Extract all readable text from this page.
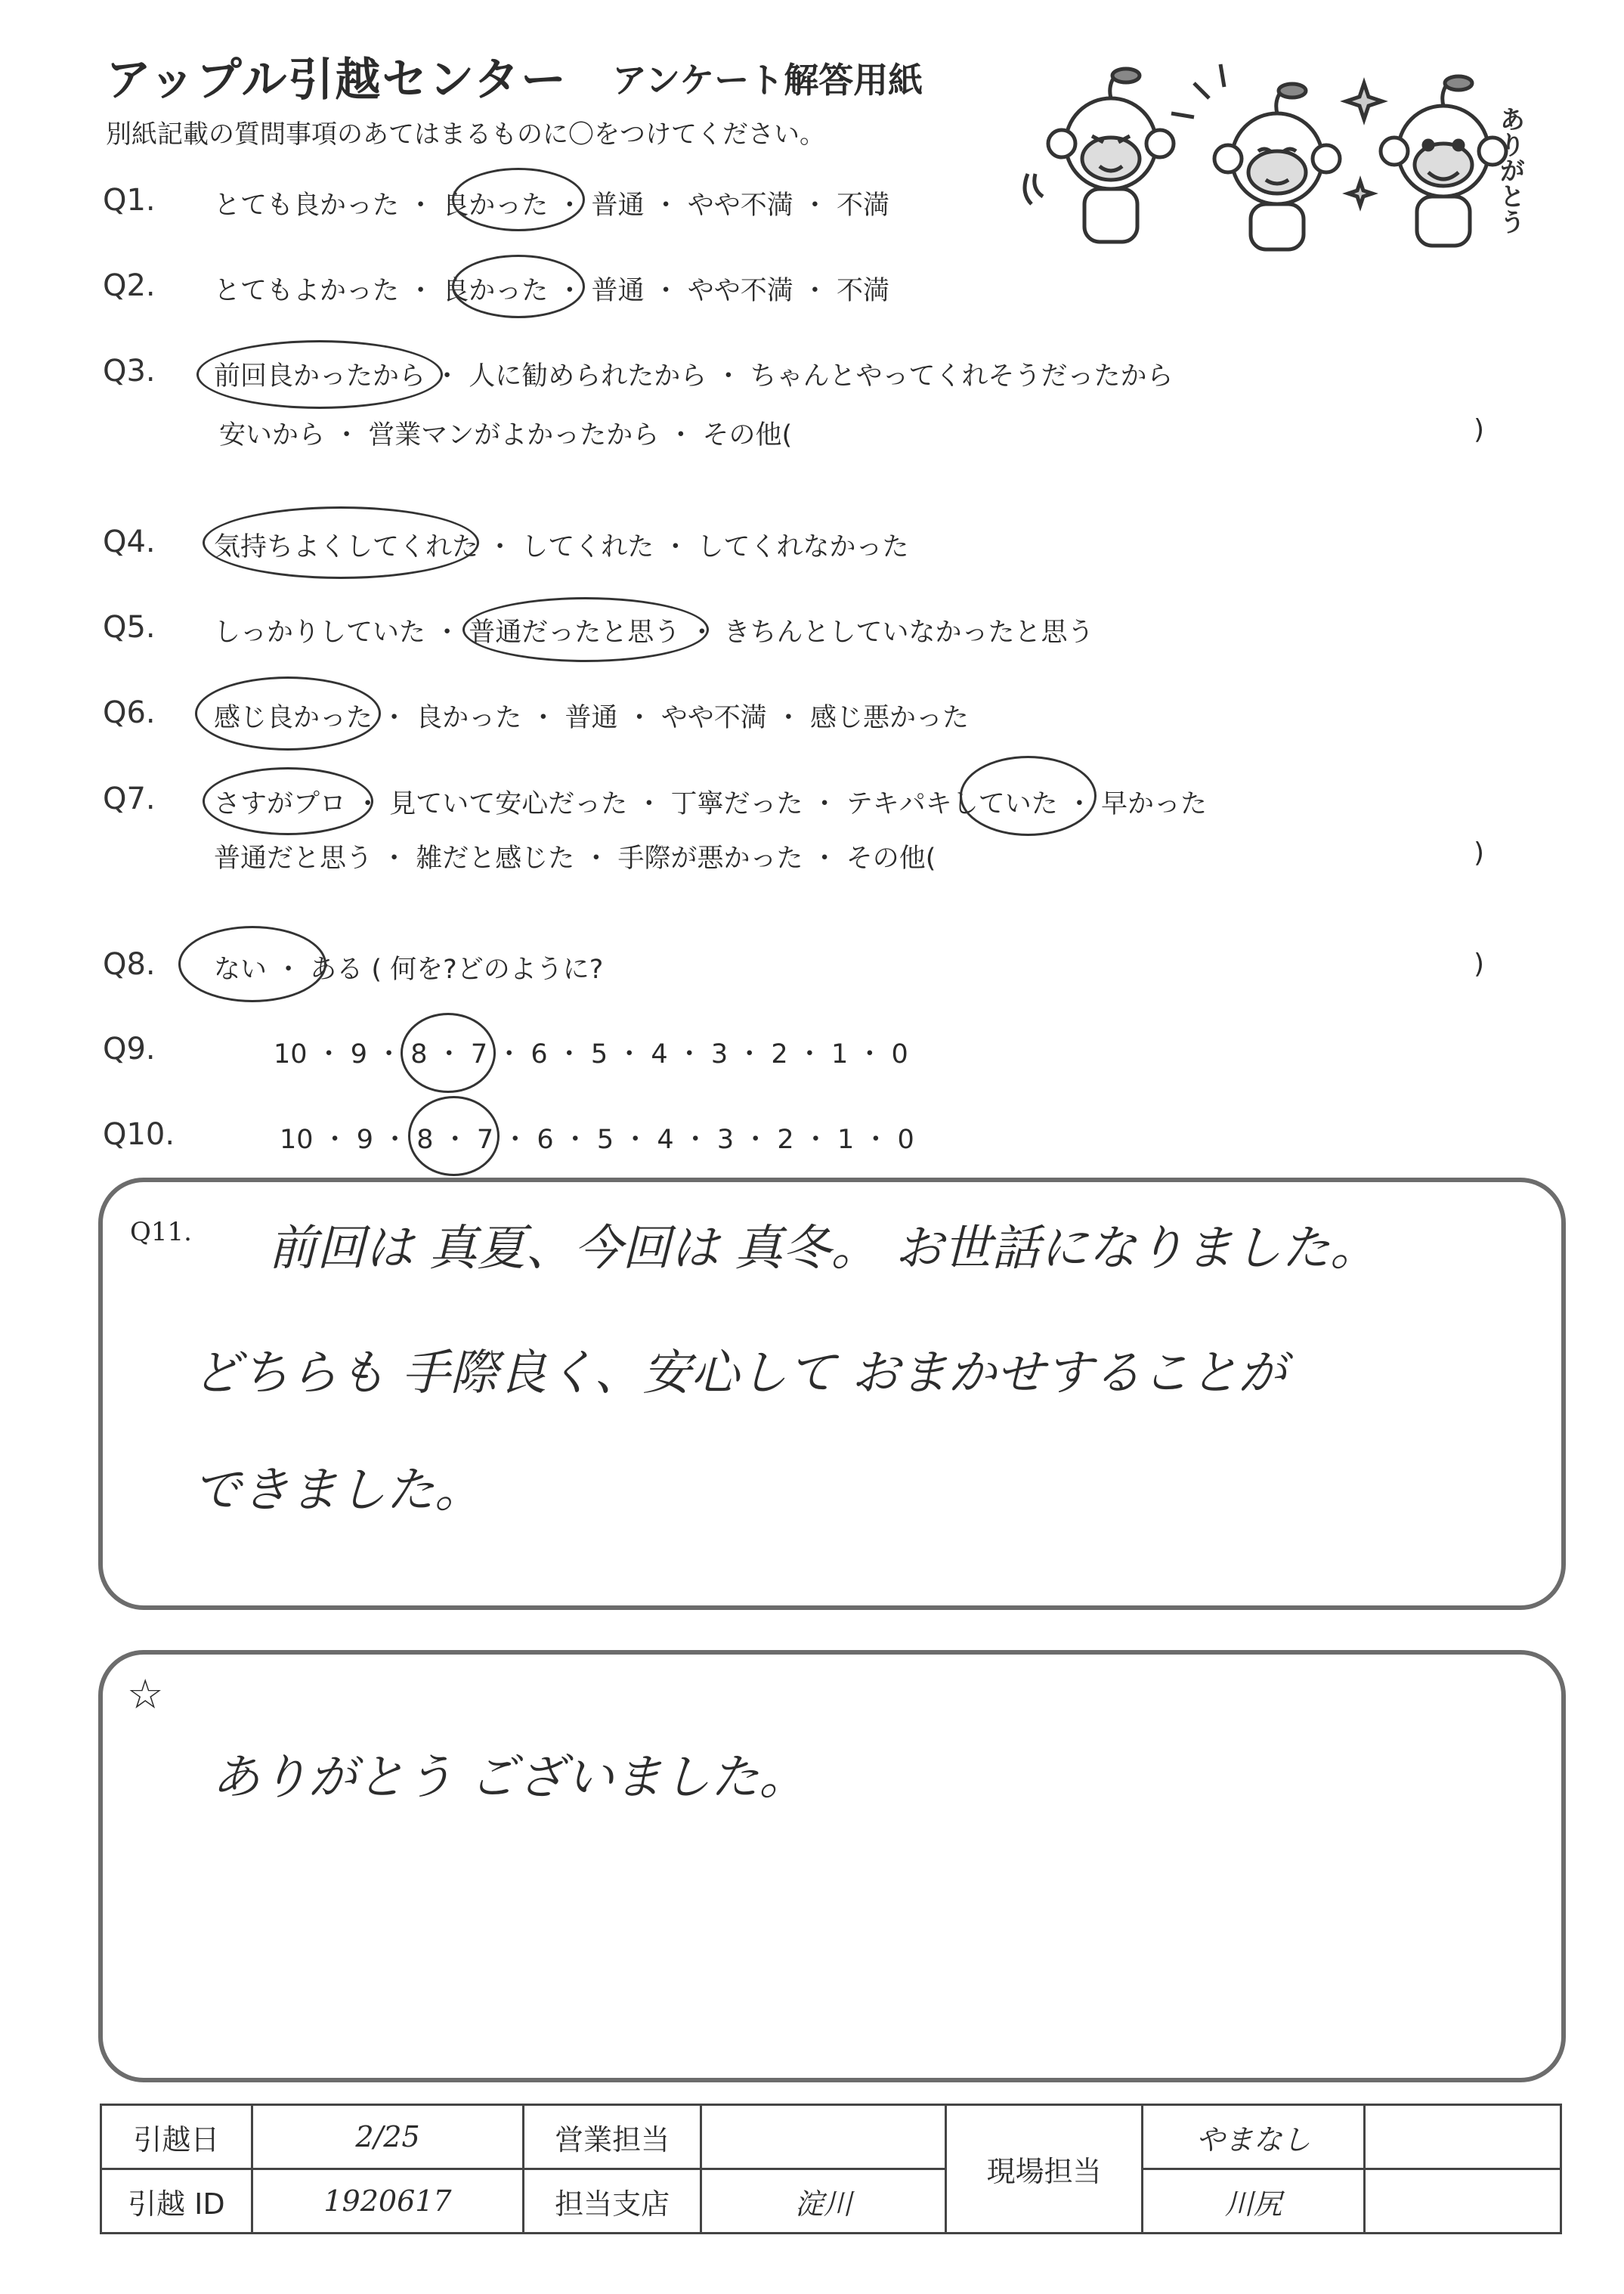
アップル引越センター アンケート解答用紙
別紙記載の質問事項のあてはまるものに〇をつけてください。	ありがとう
Q1. とても良かった ・ 良かった ・ 普通 ・ やや不満 ・ 不満
Q2. とてもよかった ・ 良かった ・ 普通 ・ やや不満 ・ 不満
Q3. 前回良かったから ・ 人に勧められたから ・ ちゃんとやってくれそうだったから
安いから ・ 営業マンがよかったから ・ その他(	)
Q4. 気持ちよくしてくれた ・ してくれた ・ してくれなかった
Q5. しっかりしていた ・ 普通だったと思う ・ きちんとしていなかったと思う
Q6. 感じ良かった ・ 良かった ・ 普通 ・ やや不満 ・ 感じ悪かった
Q7. さすがプロ ・ 見ていて安心だった ・ 丁寧だった ・ テキパキしていた ・ 早かった
普通だと思う ・ 雑だと感じた ・ 手際が悪かった ・ その他(	)
Q8. ない ・ ある ( 何を?どのように?	)
Q9.	10 ・ 9 ・ 8 ・ 7 ・ 6 ・ 5 ・ 4 ・ 3 ・ 2 ・ 1 ・ 0
Q10.	10 ・ 9 ・ 8 ・ 7 ・ 6 ・ 5 ・ 4 ・ 3 ・ 2 ・ 1 ・ 0
Q11. 前回は 真夏、今回は 真冬。 お世話になりました。
どちらも 手際良く、安心して おまかせすることが
できました。
☆
ありがとう ございました。
引越日	2/25	営業担当		現場担当	やまなし	
引越 ID	1920617	担当支店	淀川		川尻	
